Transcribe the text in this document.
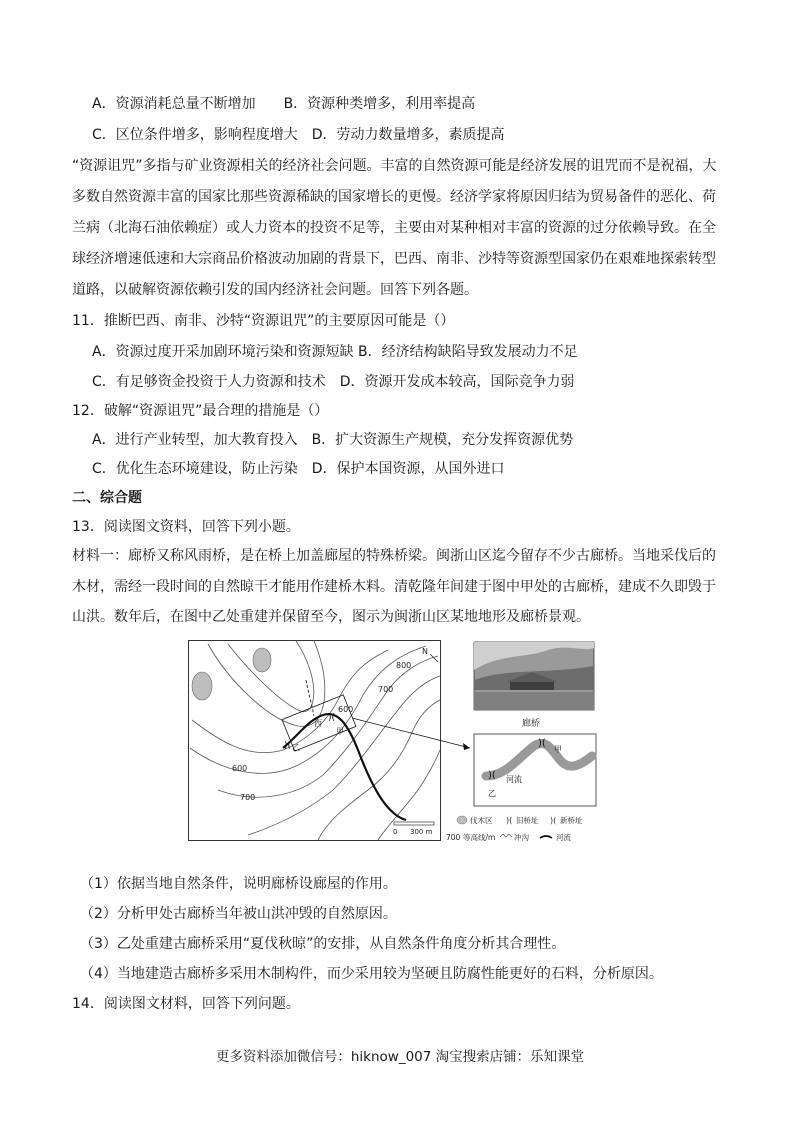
A．资源消耗总量不断增加　　B．资源种类增多，利用率提高
C．区位条件增多，影响程度增大　D．劳动力数量增多，素质提高
“资源诅咒”多指与矿业资源相关的经济社会问题。丰富的自然资源可能是经济发展的诅咒而不是祝福，大
多数自然资源丰富的国家比那些资源稀缺的国家增长的更慢。经济学家将原因归结为贸易备件的恶化、荷
兰病（北海石油依赖症）或人力资本的投资不足等，主要由对某种相对丰富的资源的过分依赖导致。在全
球经济增速低速和大宗商品价格波动加剧的背景下，巴西、南非、沙特等资源型国家仍在艰难地探索转型
道路，以破解资源依赖引发的国内经济社会问题。回答下列各题。
11．推断巴西、南非、沙特“资源诅咒”的主要原因可能是（）
A．资源过度开采加剧环境污染和资源短缺 B．经济结构缺陷导致发展动力不足
C．有足够资金投资于人力资源和技术　D．资源开发成本较高，国际竞争力弱
12．破解“资源诅咒”最合理的措施是（）
A．进行产业转型，加大教育投入　B．扩大资源生产规模，充分发挥资源优势
C．优化生态环境建设，防止污染　D．保护本国资源，从国外进口
二、综合题
13．阅读图文资料，回答下列小题。
材料一：廊桥又称风雨桥，是在桥上加盖廊屋的特殊桥梁。闽浙山区迄今留存不少古廊桥。当地采伐后的
木材，需经一段时间的自然晾干才能用作建桥木料。清乾隆年间建于图中甲处的古廊桥，建成不久即毁于
山洪。数年后，在图中乙处重建并保留至今，图示为闽浙山区某地地形及廊桥景观。
800
700
600
600
700
N
西
甲
乙
)(
)(
0 300 m
廊桥
)(
)(
甲
乙
河流
伐木区 )( 旧桥址 )( 新桥址
700 等高线/m 冲沟	河流
（1）依据当地自然条件，说明廊桥设廊屋的作用。
（2）分析甲处古廊桥当年被山洪冲毁的自然原因。
（3）乙处重建古廊桥采用“夏伐秋晾”的安排，从自然条件角度分析其合理性。
（4）当地建造古廊桥多采用木制构件，而少采用较为坚硬且防腐性能更好的石料，分析原因。
14．阅读图文材料，回答下列问题。
更多资料添加微信号：hiknow_007 淘宝搜索店铺：乐知课堂
